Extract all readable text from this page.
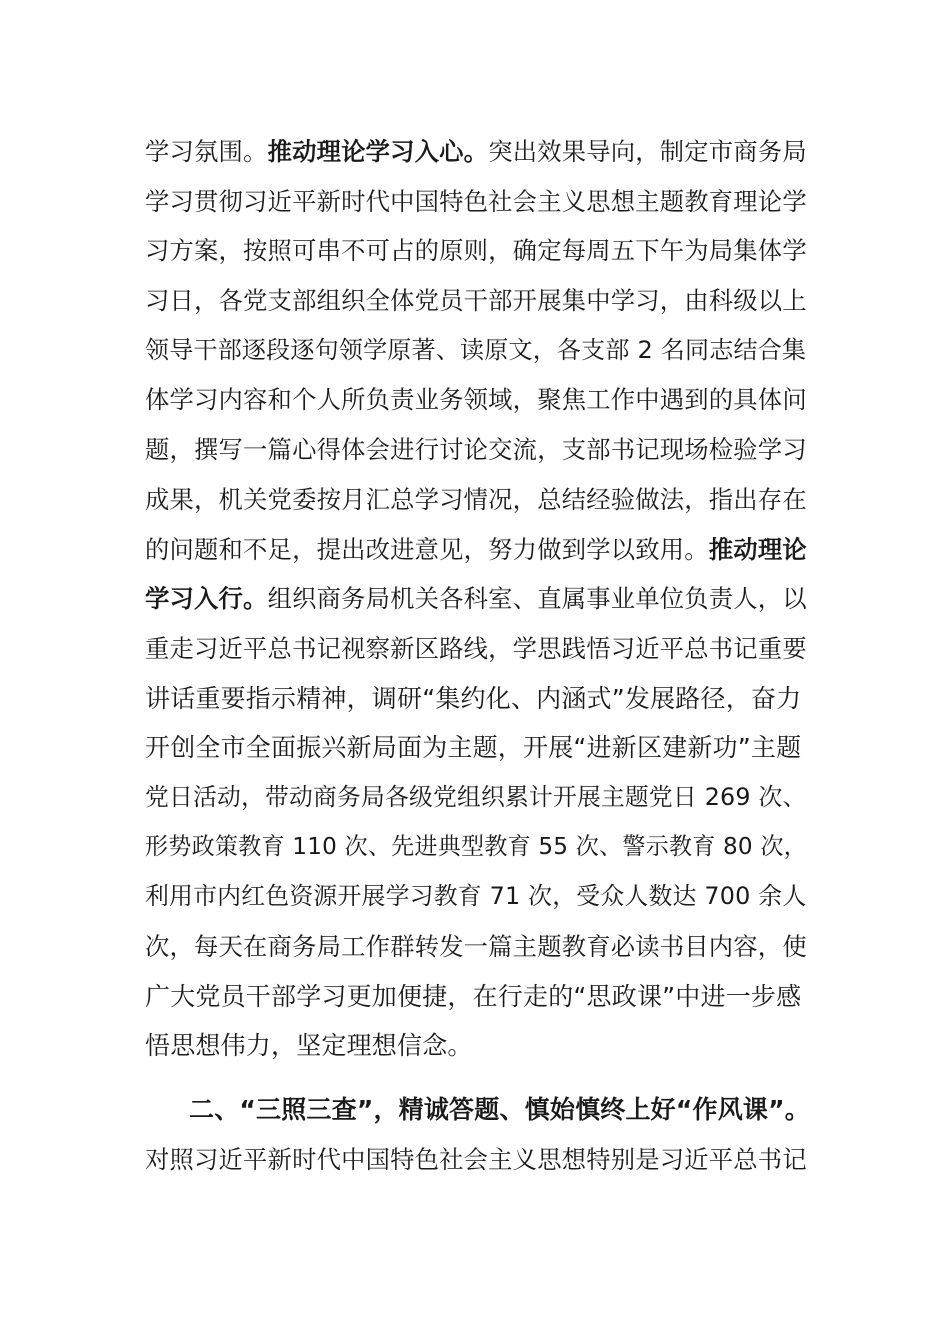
学习氛围。推动理论学习入心。突出效果导向，制定市商务局
学习贯彻习近平新时代中国特色社会主义思想主题教育理论学
习方案，按照可串不可占的原则，确定每周五下午为局集体学
习日，各党支部组织全体党员干部开展集中学习，由科级以上
领导干部逐段逐句领学原著、读原文，各支部 2 名同志结合集
体学习内容和个人所负责业务领域，聚焦工作中遇到的具体问
题，撰写一篇心得体会进行讨论交流，支部书记现场检验学习
成果，机关党委按月汇总学习情况，总结经验做法，指出存在
的问题和不足，提出改进意见，努力做到学以致用。推动理论
学习入行。组织商务局机关各科室、直属事业单位负责人，以
重走习近平总书记视察新区路线，学思践悟习近平总书记重要
讲话重要指示精神，调研“集约化、内涵式”发展路径，奋力
开创全市全面振兴新局面为主题，开展“进新区建新功”主题
党日活动，带动商务局各级党组织累计开展主题党日 269 次、
形势政策教育 110 次、先进典型教育 55 次、警示教育 80 次，
利用市内红色资源开展学习教育 71 次，受众人数达 700 余人
次，每天在商务局工作群转发一篇主题教育必读书目内容，使
广大党员干部学习更加便捷，在行走的“思政课”中进一步感
悟思想伟力，坚定理想信念。
二、“三照三查”，精诚答题、慎始慎终上好“作风课”。
对照习近平新时代中国特色社会主义思想特别是习近平总书记
